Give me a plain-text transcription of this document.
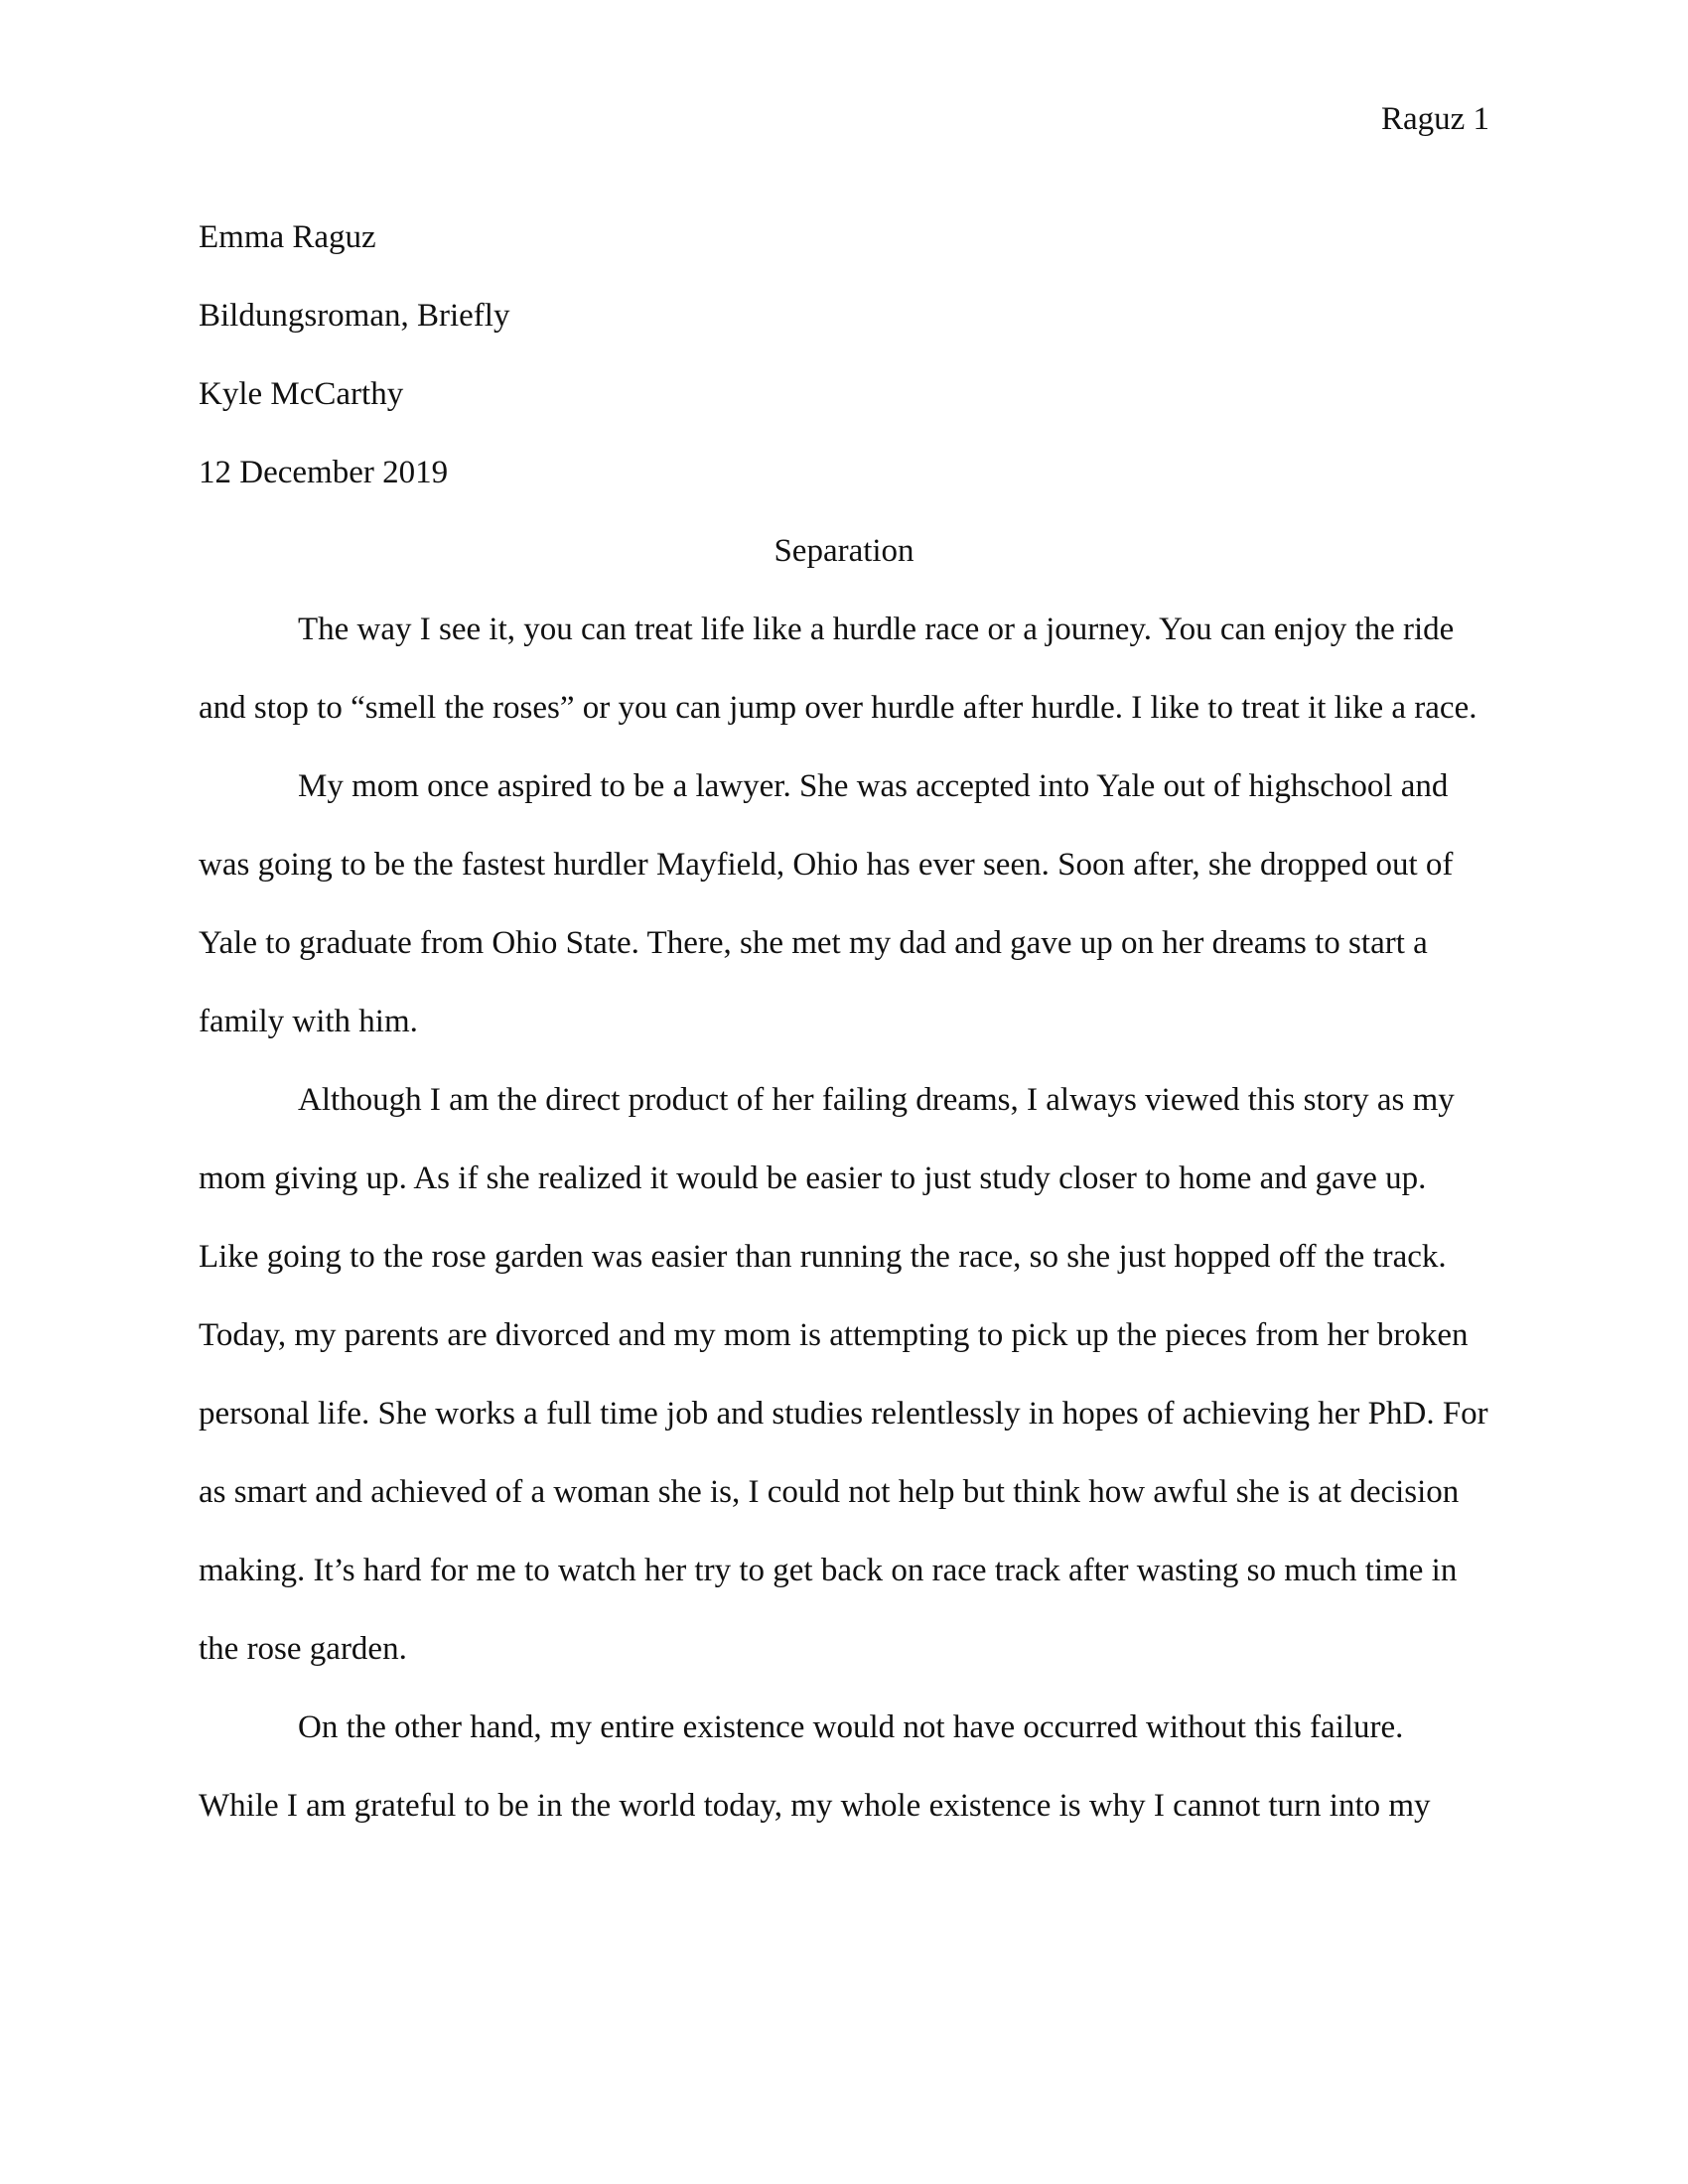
Raguz 1

Emma Raguz

Bildungsroman, Briefly

Kyle McCarthy

12 December 2019

Separation

The way I see it, you can treat life like a hurdle race or a journey. You can enjoy the ride and stop to “smell the roses” or you can jump over hurdle after hurdle. I like to treat it like a race.

My mom once aspired to be a lawyer. She was accepted into Yale out of highschool and was going to be the fastest hurdler Mayfield, Ohio has ever seen. Soon after, she dropped out of Yale to graduate from Ohio State. There, she met my dad and gave up on her dreams to start a family with him.

Although I am the direct product of her failing dreams, I always viewed this story as my mom giving up. As if she realized it would be easier to just study closer to home and gave up. Like going to the rose garden was easier than running the race, so she just hopped off the track. Today, my parents are divorced and my mom is attempting to pick up the pieces from her broken personal life. She works a full time job and studies relentlessly in hopes of achieving her PhD. For as smart and achieved of a woman she is, I could not help but think how awful she is at decision making. It’s hard for me to watch her try to get back on race track after wasting so much time in the rose garden.

On the other hand, my entire existence would not have occurred without this failure. While I am grateful to be in the world today, my whole existence is why I cannot turn into my
